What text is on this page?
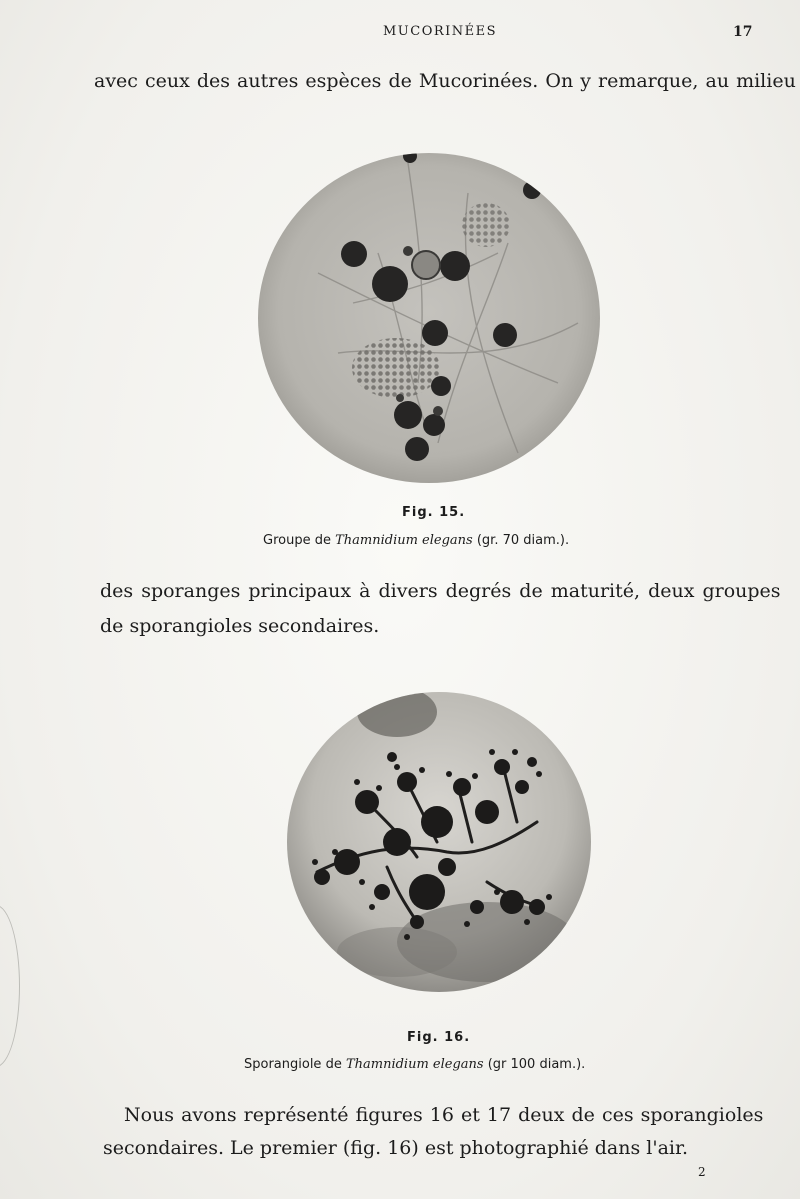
MUCORINÉES	17
avec ceux des autres espèces de Mucorinées. On y remarque, au milieu
Fig. 15.
Groupe de Thamnidium elegans (gr. 70 diam.).
des sporanges principaux à divers degrés de maturité, deux groupes
de sporangioles secondaires.
Fig. 16.
Sporangiole de Thamnidium elegans (gr 100 diam.).
Nous avons représenté figures 16 et 17 deux de ces sporangioles
secondaires. Le premier (fig. 16) est photographié dans l'air.
2
